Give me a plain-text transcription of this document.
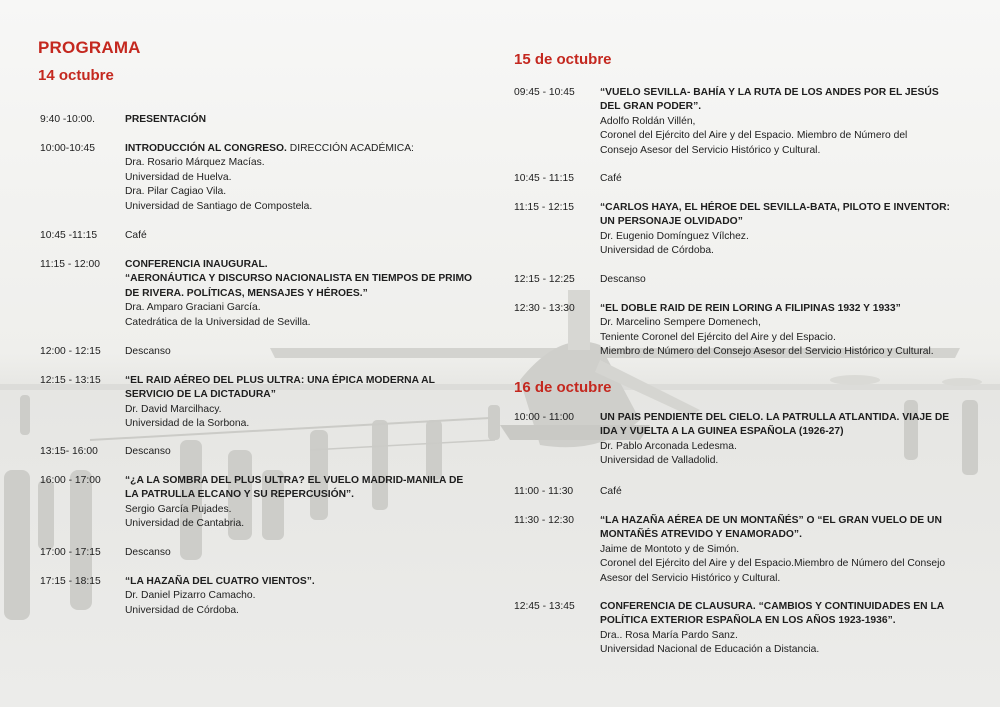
PROGRAMA
14 octubre
15 de octubre
16 de octubre
9:40 -10:00.	PRESENTACIÓN
10:00-10:45	INTRODUCCIÓN AL CONGRESO. DIRECCIÓN ACADÉMICA:
Dra. Rosario Márquez Macías.
Universidad de Huelva.
Dra. Pilar Cagiao Vila.
Universidad de Santiago de Compostela.
10:45 -11:15	Café
11:15 - 12:00 CONFERENCIA INAUGURAL.
“AERONÁUTICA Y DISCURSO NACIONALISTA EN TIEMPOS DE PRIMO
DE RIVERA. POLÍTICAS, MENSAJES Y HÉROES.”
Dra. Amparo Graciani García.
Catedrática de la Universidad de Sevilla.
12:00 - 12:15 Descanso
12:15 - 13:15 “EL RAID AÉREO DEL PLUS ULTRA: UNA ÉPICA MODERNA AL
SERVICIO DE LA DICTADURA”
Dr. David Marcilhacy.
Universidad de la Sorbona.
13:15- 16:00	Descanso
16:00 - 17:00 “¿A LA SOMBRA DEL PLUS ULTRA? EL VUELO MADRID-MANILA DE
LA PATRULLA ELCANO Y SU REPERCUSIÓN”.
Sergio García Pujades.
Universidad de Cantabria.
17:00 - 17:15 Descanso
17:15 - 18:15 “LA HAZAÑA DEL CUATRO VIENTOS”.
Dr. Daniel Pizarro Camacho.
Universidad de Córdoba.
09:45 - 10:45 “VUELO SEVILLA- BAHÍA Y LA RUTA DE LOS ANDES POR EL JESÚS
DEL GRAN PODER”.
Adolfo Roldán Villén,
Coronel del Ejército del Aire y del Espacio. Miembro de Número del
Consejo Asesor del Servicio Histórico y Cultural.
10:45 - 11:15	Café
11:15 - 12:15	“CARLOS HAYA, EL HÉROE DEL SEVILLA-BATA, PILOTO E INVENTOR:
UN PERSONAJE OLVIDADO”
Dr. Eugenio Domínguez Vílchez.
Universidad de Córdoba.
12:15 - 12:25 Descanso
12:30 - 13:30 “EL DOBLE RAID DE REIN LORING A FILIPINAS 1932 Y 1933”
Dr. Marcelino Sempere Domenech,
Teniente Coronel del Ejército del Aire y del Espacio.
Miembro de Número del Consejo Asesor del Servicio Histórico y Cultural.
10:00 - 11:00	UN PAIS PENDIENTE DEL CIELO. LA PATRULLA ATLANTIDA. VIAJE DE
IDA Y VUELTA A LA GUINEA ESPAÑOLA (1926-27)
Dr. Pablo Arconada Ledesma.
Universidad de Valladolid.
11:00 - 11:30	Café
11:30 - 12:30	“LA HAZAÑA AÉREA DE UN MONTAÑÉS” O “EL GRAN VUELO DE UN
MONTAÑÉS ATREVIDO Y ENAMORADO”.
Jaime de Montoto y de Simón.
Coronel del Ejército del Aire y del Espacio.Miembro de Número del Consejo
Asesor del Servicio Histórico y Cultural.
12:45 - 13:45 CONFERENCIA DE CLAUSURA. “CAMBIOS Y CONTINUIDADES EN LA
POLÍTICA EXTERIOR ESPAÑOLA EN LOS AÑOS 1923-1936”.
Dra.. Rosa María Pardo Sanz.
Universidad Nacional de Educación a Distancia.
